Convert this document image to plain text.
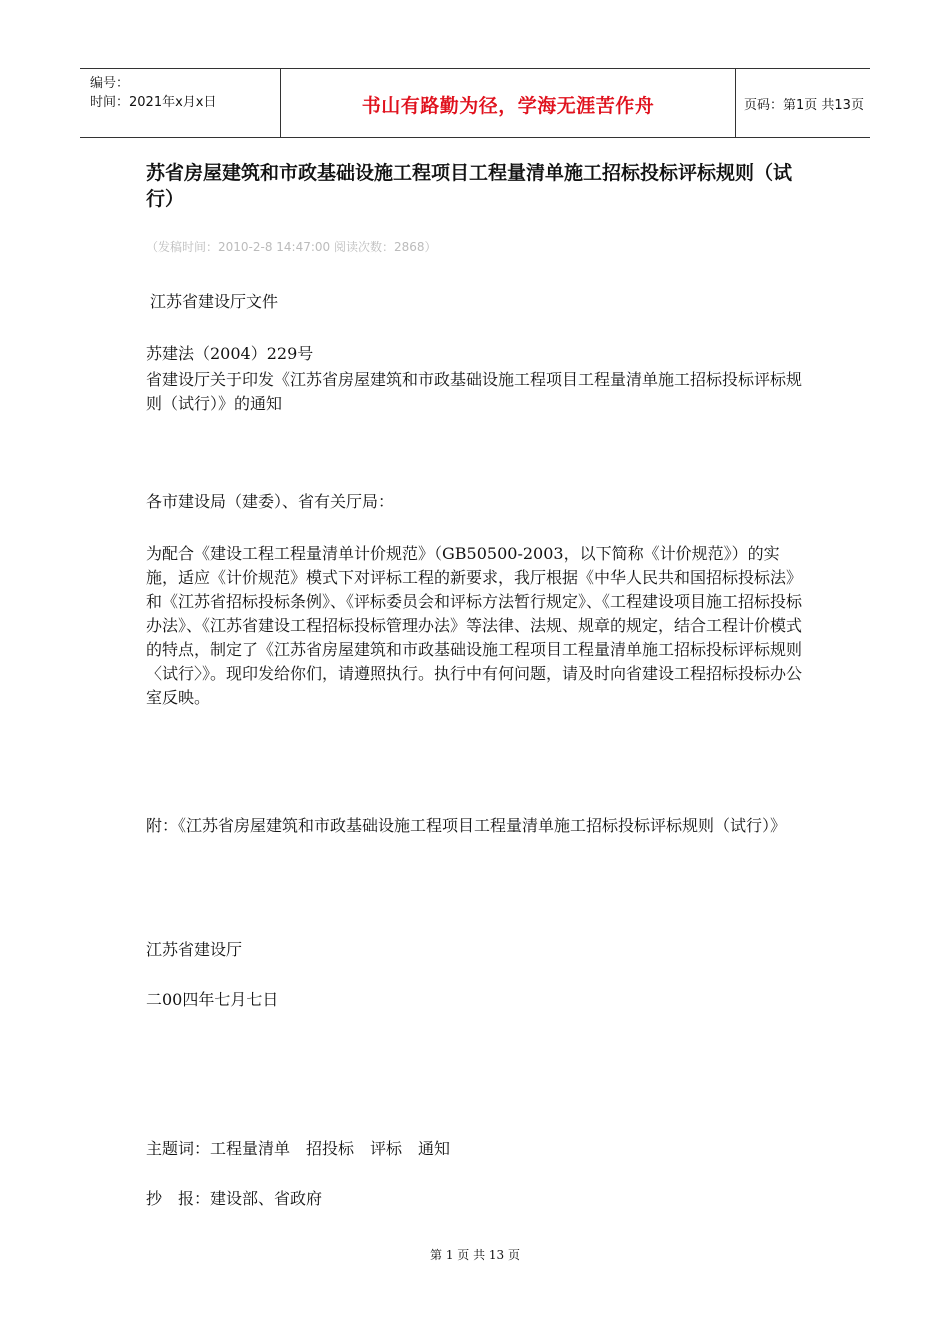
编号：
时间：2021年x月x日	书山有路勤为径，学海无涯苦作舟	页码：第1页 共13页
苏省房屋建筑和市政基础设施工程项目工程量清单施工招标投标评标规则（试行）
（发稿时间：2010-2-8 14:47:00 阅读次数：2868）
江苏省建设厅文件
苏建法（2004）229号
省建设厅关于印发《江苏省房屋建筑和市政基础设施工程项目工程量清单施工招标投标评标规则（试行）》的通知
各市建设局（建委）、省有关厅局：
为配合《建设工程工程量清单计价规范》（GB50500-2003，以下简称《计价规范》）的实施，适应《计价规范》模式下对评标工程的新要求，我厅根据《中华人民共和国招标投标法》和《江苏省招标投标条例》、《评标委员会和评标方法暂行规定》、《工程建设项目施工招标投标办法》、《江苏省建设工程招标投标管理办法》等法律、法规、规章的规定，结合工程计价模式的特点，制定了《江苏省房屋建筑和市政基础设施工程项目工程量清单施工招标投标评标规则〈试行〉》。现印发给你们，请遵照执行。执行中有何问题，请及时向省建设工程招标投标办公室反映。
附：《江苏省房屋建筑和市政基础设施工程项目工程量清单施工招标投标评标规则（试行）》
江苏省建设厅
二00四年七月七日
主题词：工程量清单　招投标　评标　通知
抄　报：建设部、省政府
第 1 页 共 13 页
